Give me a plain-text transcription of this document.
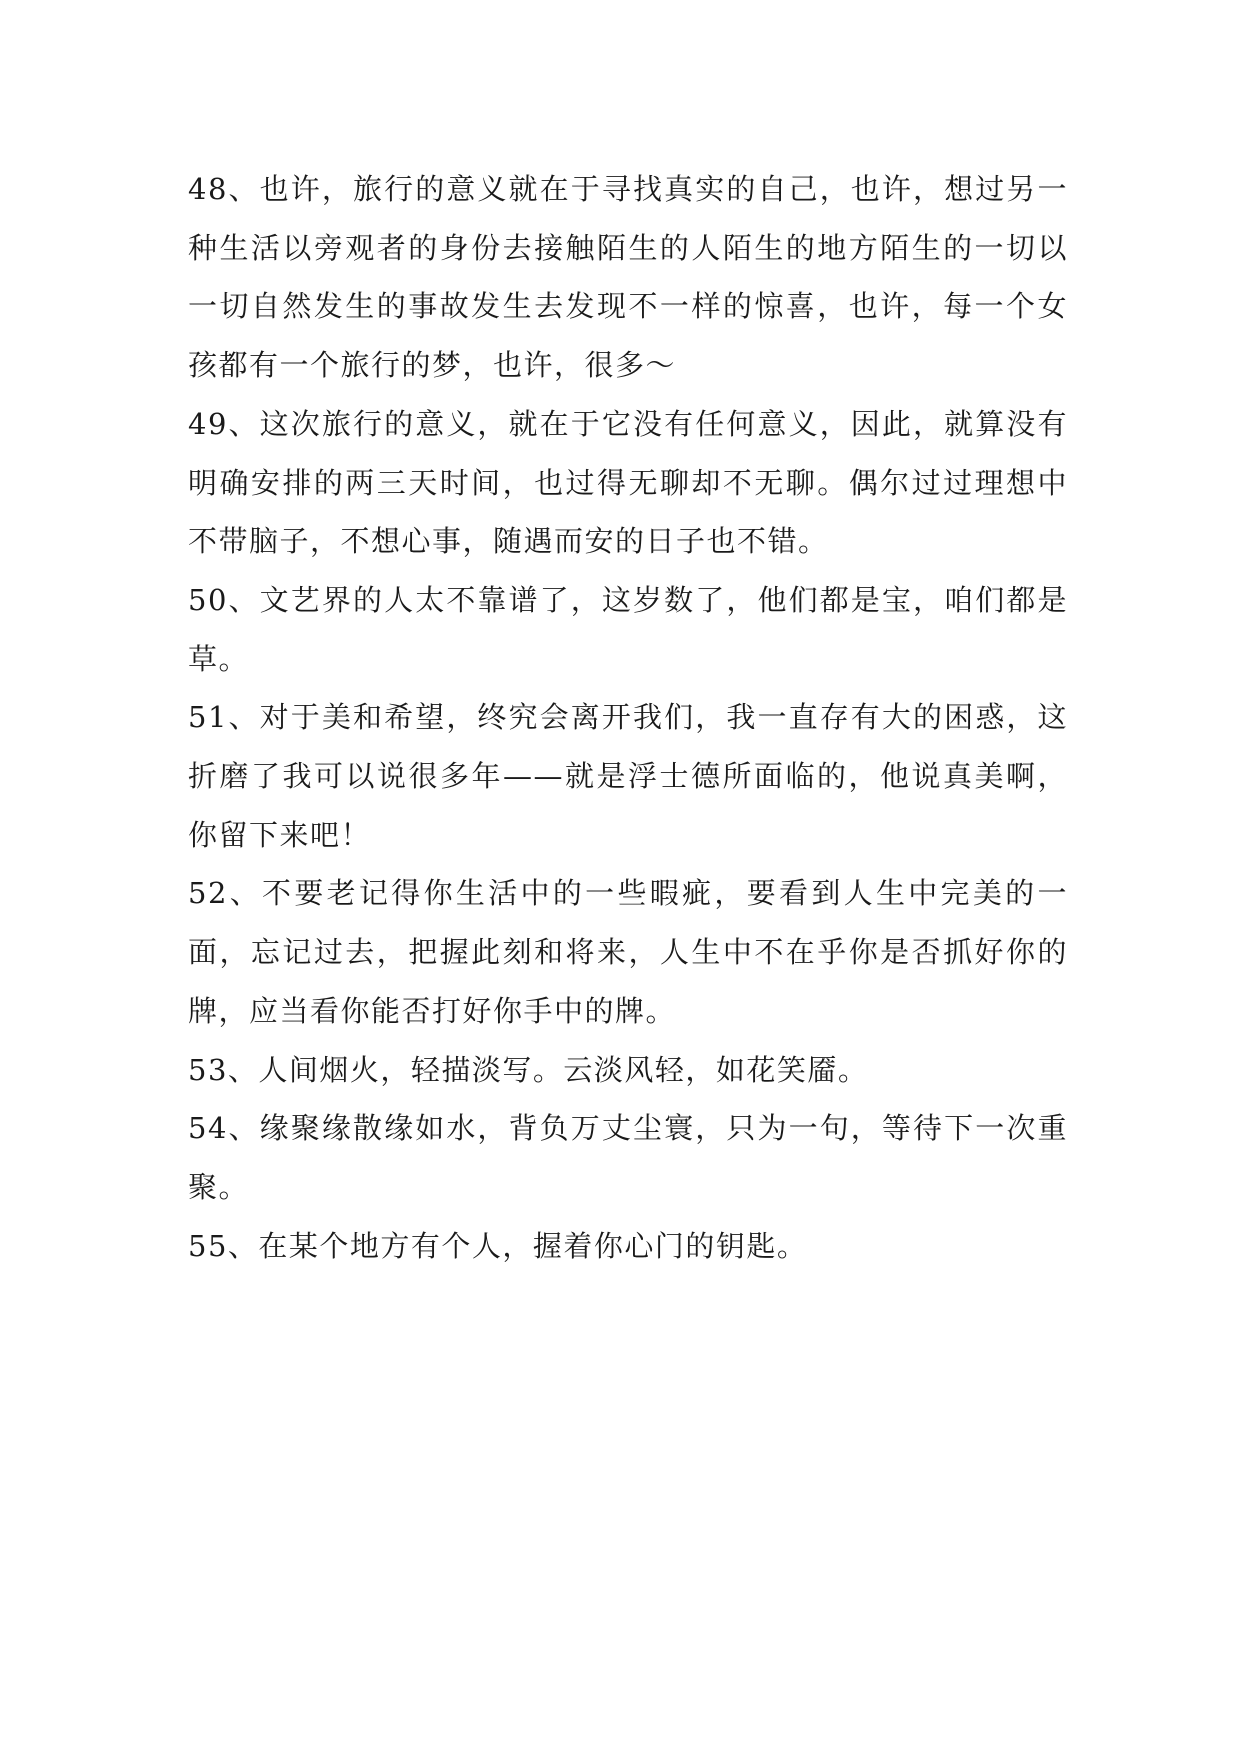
48、也许，旅行的意义就在于寻找真实的自己，也许，想过另一种生活以旁观者的身份去接触陌生的人陌生的地方陌生的一切以一切自然发生的事故发生去发现不一样的惊喜，也许，每一个女孩都有一个旅行的梦，也许，很多～

49、这次旅行的意义，就在于它没有任何意义，因此，就算没有明确安排的两三天时间，也过得无聊却不无聊。偶尔过过理想中不带脑子，不想心事，随遇而安的日子也不错。

50、文艺界的人太不靠谱了，这岁数了，他们都是宝，咱们都是草。

51、对于美和希望，终究会离开我们，我一直存有大的困惑，这折磨了我可以说很多年——就是浮士德所面临的，他说真美啊，你留下来吧！

52、不要老记得你生活中的一些暇疵，要看到人生中完美的一面，忘记过去，把握此刻和将来，人生中不在乎你是否抓好你的牌，应当看你能否打好你手中的牌。

53、人间烟火，轻描淡写。云淡风轻，如花笑靥。

54、缘聚缘散缘如水，背负万丈尘寰，只为一句，等待下一次重聚。

55、在某个地方有个人，握着你心门的钥匙。
